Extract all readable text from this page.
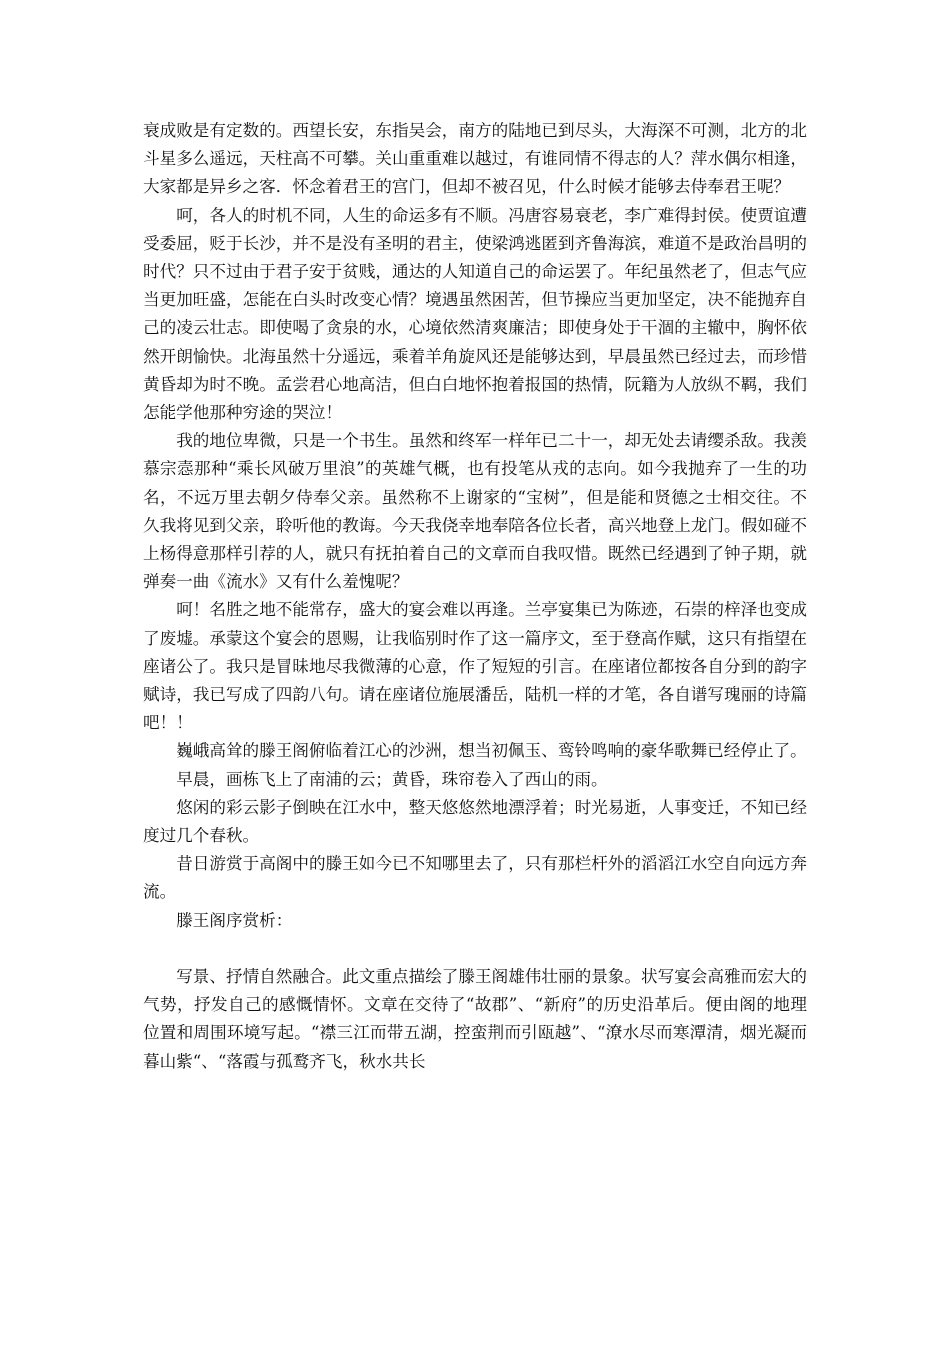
衰成败是有定数的。西望长安，东指吴会，南方的陆地已到尽头，大海深不可测，北方的北斗星多么遥远，天柱高不可攀。关山重重难以越过，有谁同情不得志的人？萍水偶尔相逢，大家都是异乡之客．怀念着君王的宫门，但却不被召见，什么时候才能够去侍奉君王呢？

呵，各人的时机不同，人生的命运多有不顺。冯唐容易衰老，李广难得封侯。使贾谊遭受委屈，贬于长沙，并不是没有圣明的君主，使梁鸿逃匿到齐鲁海滨，难道不是政治昌明的时代？只不过由于君子安于贫贱，通达的人知道自己的命运罢了。年纪虽然老了，但志气应当更加旺盛，怎能在白头时改变心情？境遇虽然困苦，但节操应当更加坚定，决不能抛弃自己的凌云壮志。即使喝了贪泉的水，心境依然清爽廉洁；即使身处于干涸的主辙中，胸怀依然开朗愉快。北海虽然十分遥远，乘着羊角旋风还是能够达到，早晨虽然已经过去，而珍惜黄昏却为时不晚。孟尝君心地高洁，但白白地怀抱着报国的热情，阮籍为人放纵不羁，我们怎能学他那种穷途的哭泣！

我的地位卑微，只是一个书生。虽然和终军一样年已二十一，却无处去请缨杀敌。我羡慕宗悫那种“乘长风破万里浪”的英雄气概，也有投笔从戎的志向。如今我抛弃了一生的功名，不远万里去朝夕侍奉父亲。虽然称不上谢家的“宝树”，但是能和贤德之士相交往。不久我将见到父亲，聆听他的教诲。今天我侥幸地奉陪各位长者，高兴地登上龙门。假如碰不上杨得意那样引荐的人，就只有抚拍着自己的文章而自我叹惜。既然已经遇到了钟子期，就弹奏一曲《流水》又有什么羞愧呢？

呵！名胜之地不能常存，盛大的宴会难以再逢。兰亭宴集已为陈迹，石崇的梓泽也变成了废墟。承蒙这个宴会的恩赐，让我临别时作了这一篇序文，至于登高作赋，这只有指望在座诸公了。我只是冒昧地尽我微薄的心意，作了短短的引言。在座诸位都按各自分到的韵字赋诗，我已写成了四韵八句。请在座诸位施展潘岳，陆机一样的才笔，各自谱写瑰丽的诗篇吧！！

巍峨高耸的滕王阁俯临着江心的沙洲，想当初佩玉、鸾铃鸣响的豪华歌舞已经停止了。

早晨，画栋飞上了南浦的云；黄昏，珠帘卷入了西山的雨。

悠闲的彩云影子倒映在江水中，整天悠悠然地漂浮着；时光易逝，人事变迁，不知已经度过几个春秋。

昔日游赏于高阁中的滕王如今已不知哪里去了，只有那栏杆外的滔滔江水空自向远方奔流。

滕王阁序赏析：

写景、抒情自然融合。此文重点描绘了滕王阁雄伟壮丽的景象。状写宴会高雅而宏大的气势，抒发自己的感慨情怀。文章在交待了“故郡”、“新府”的历史沿革后。便由阁的地理位置和周围环境写起。“襟三江而带五湖，控蛮荆而引瓯越”、“潦水尽而寒潭清，烟光凝而暮山紫“、“落霞与孤鹜齐飞，秋水共长
